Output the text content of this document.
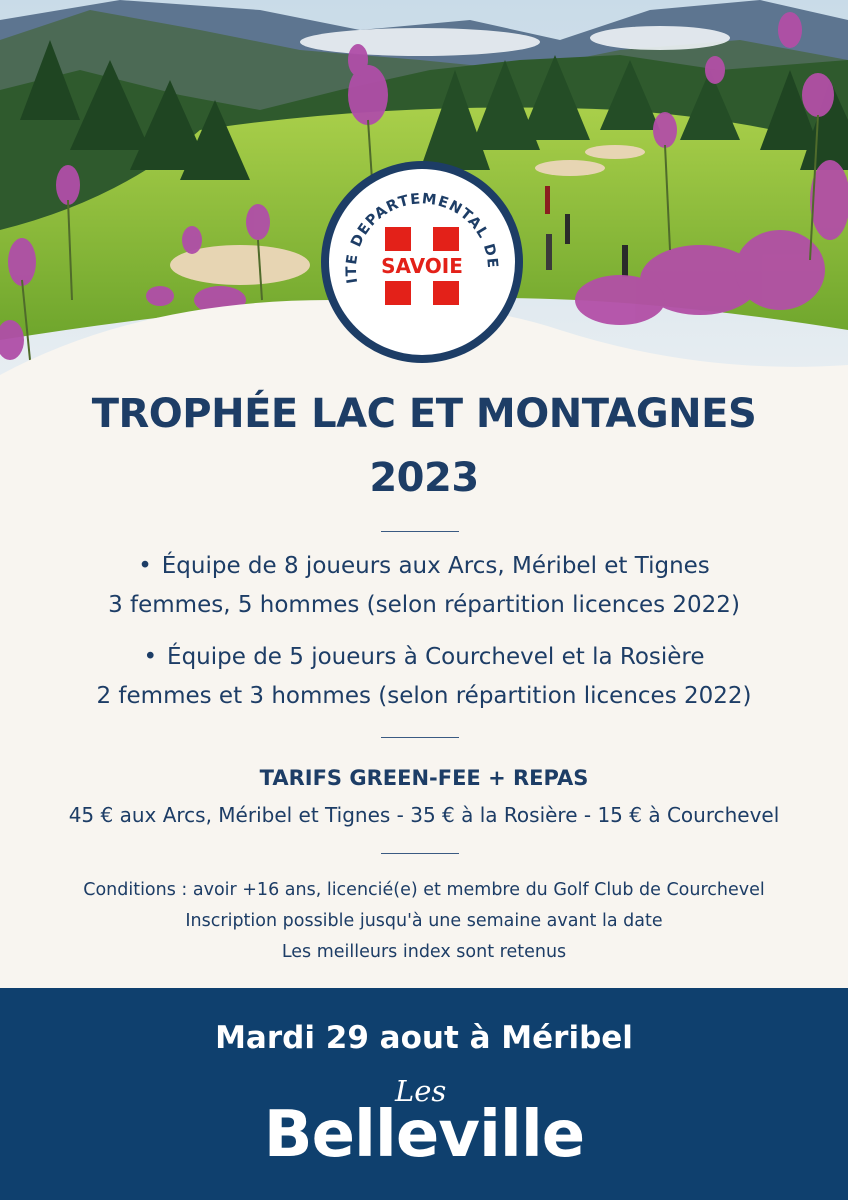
ITE DEPARTEMENTAL DE
SAVOIE
TROPHÉE LAC ET MONTAGNES
2023
• Équipe de 8 joueurs aux Arcs, Méribel et Tignes
3 femmes, 5 hommes (selon répartition licences 2022)
• Équipe de 5 joueurs à Courchevel et la Rosière
2 femmes et 3 hommes (selon répartition licences 2022)
TARIFS GREEN-FEE + REPAS
45 € aux Arcs, Méribel et Tignes - 35 € à la Rosière - 15 € à Courchevel
Conditions : avoir +16 ans, licencié(e) et membre du Golf Club de Courchevel
Inscription possible jusqu'à une semaine avant la date
Les meilleurs index sont retenus
Mardi 29 aout à Méribel
Les
Belleville
